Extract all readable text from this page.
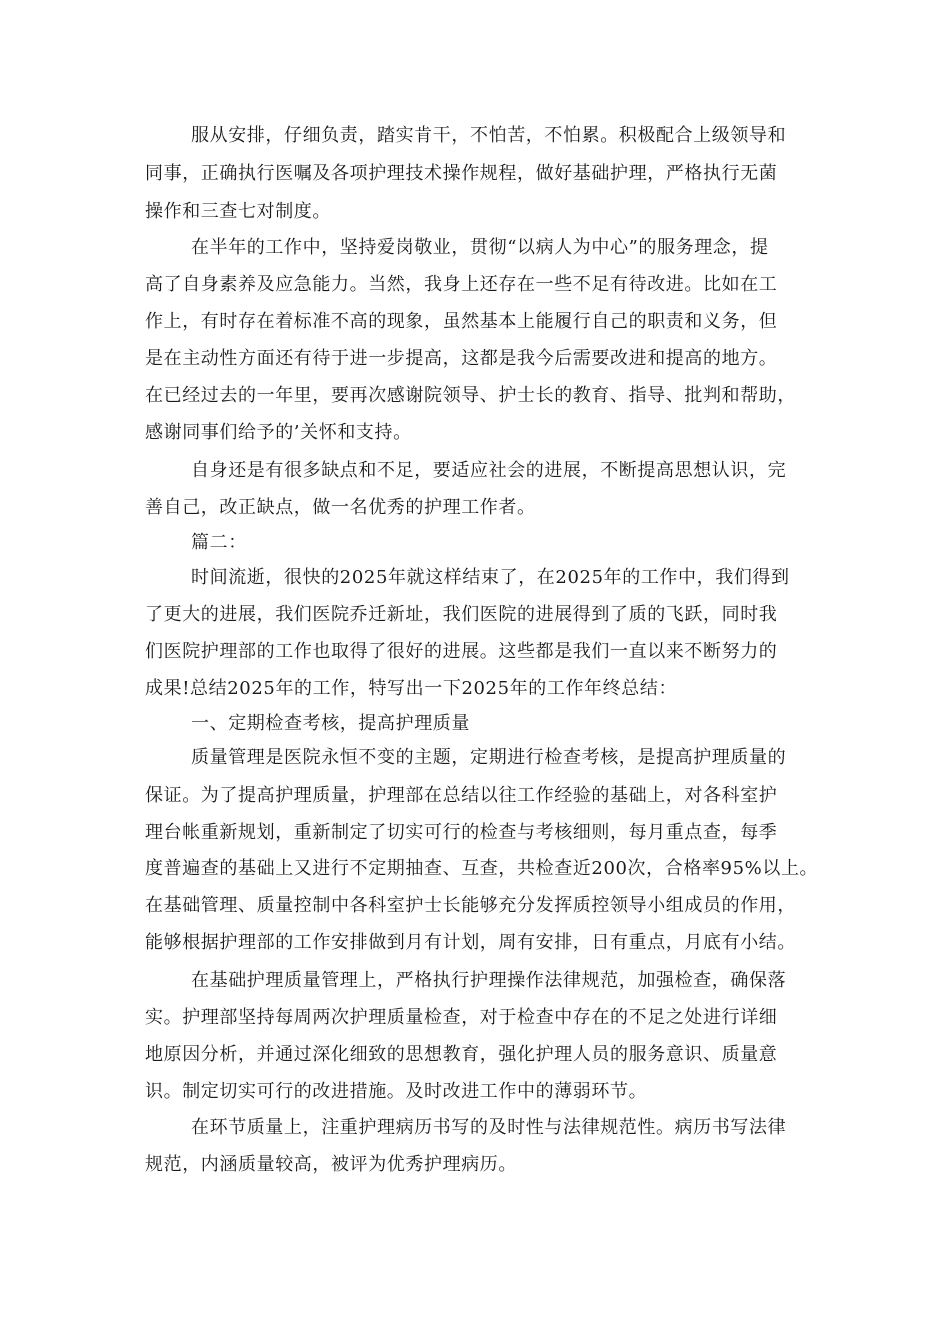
服从安排，仔细负责，踏实肯干，不怕苦，不怕累。积极配合上级领导和
同事，正确执行医嘱及各项护理技术操作规程，做好基础护理，严格执行无菌
操作和三查七对制度。
在半年的工作中，坚持爱岗敬业，贯彻“以病人为中心”的服务理念，提
高了自身素养及应急能力。当然，我身上还存在一些不足有待改进。比如在工
作上，有时存在着标准不高的现象，虽然基本上能履行自己的职责和义务，但
是在主动性方面还有待于进一步提高，这都是我今后需要改进和提高的地方。
在已经过去的一年里，要再次感谢院领导、护士长的教育、指导、批判和帮助，
感谢同事们给予的’关怀和支持。
自身还是有很多缺点和不足，要适应社会的进展，不断提高思想认识，完
善自己，改正缺点，做一名优秀的护理工作者。
篇二：
时间流逝，很快的2025年就这样结束了，在2025年的工作中，我们得到
了更大的进展，我们医院乔迁新址，我们医院的进展得到了质的飞跃，同时我
们医院护理部的工作也取得了很好的进展。这些都是我们一直以来不断努力的
成果!总结2025年的工作，特写出一下2025年的工作年终总结：
一、定期检查考核，提高护理质量
质量管理是医院永恒不变的主题，定期进行检查考核，是提高护理质量的
保证。为了提高护理质量，护理部在总结以往工作经验的基础上，对各科室护
理台帐重新规划，重新制定了切实可行的检查与考核细则，每月重点查，每季
度普遍查的基础上又进行不定期抽查、互查，共检查近200次，合格率95%以上。
在基础管理、质量控制中各科室护士长能够充分发挥质控领导小组成员的作用，
能够根据护理部的工作安排做到月有计划，周有安排，日有重点，月底有小结。
在基础护理质量管理上，严格执行护理操作法律规范，加强检查，确保落
实。护理部坚持每周两次护理质量检查，对于检查中存在的不足之处进行详细
地原因分析，并通过深化细致的思想教育，强化护理人员的服务意识、质量意
识。制定切实可行的改进措施。及时改进工作中的薄弱环节。
在环节质量上，注重护理病历书写的及时性与法律规范性。病历书写法律
规范，内涵质量较高，被评为优秀护理病历。
